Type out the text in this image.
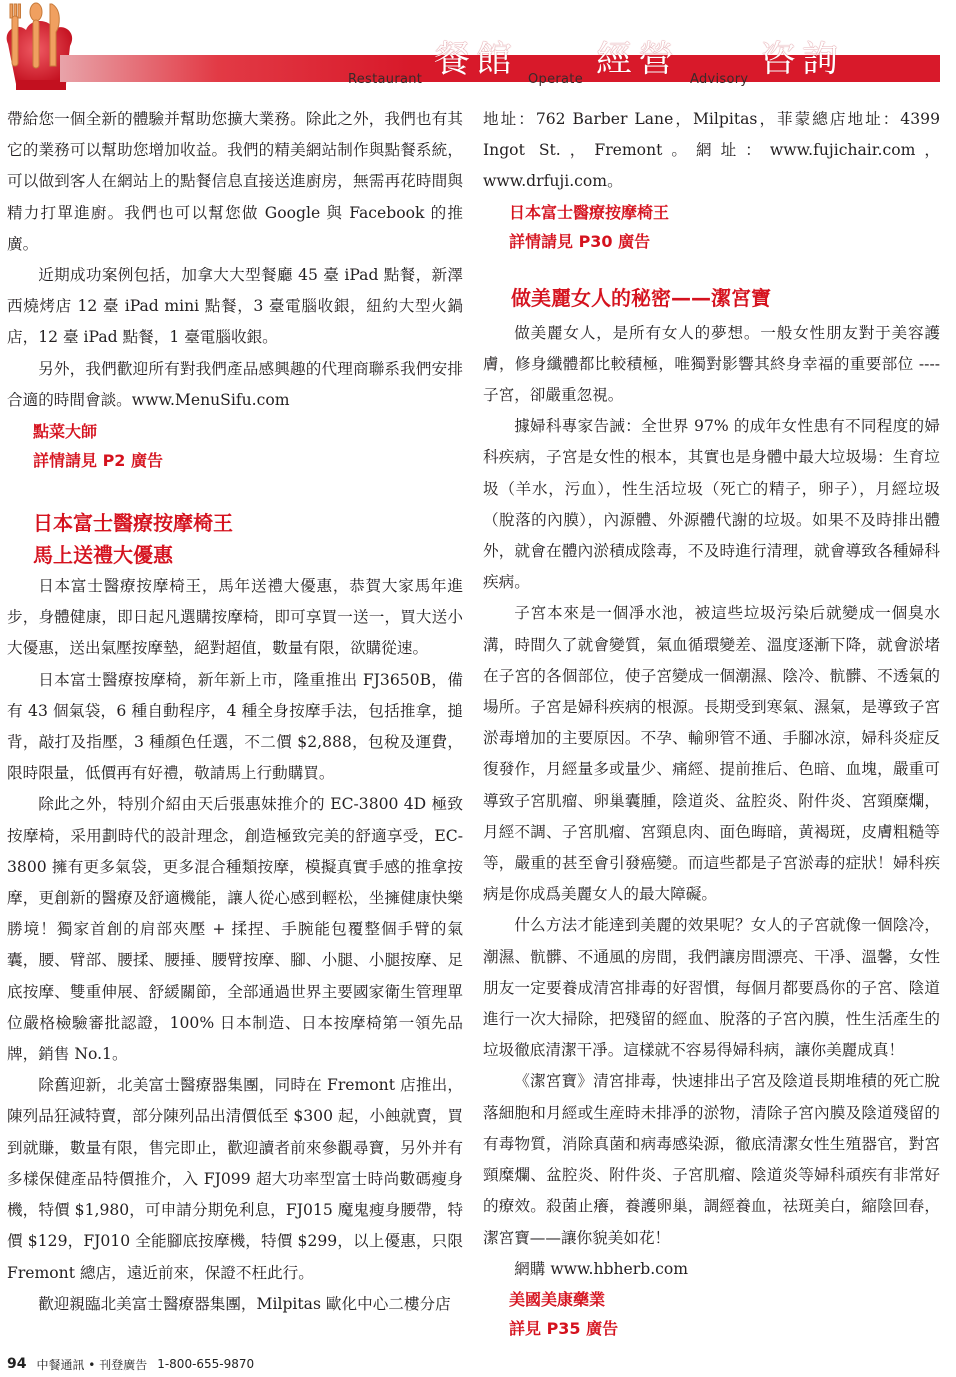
Restaurant	Operate	Advisory
餐館 經營 咨詢

帶給您一個全新的體驗并幫助您擴大業務。除此之外，我們也有其它的業務可以幫助您增加收益。我們的精美網站制作與點餐系統，可以做到客人在網站上的點餐信息直接送進廚房，無需再花時間與精力打單進廚。我們也可以幫您做 Google 與 Facebook 的推廣。

近期成功案例包括，加拿大大型餐廳 45 臺 iPad 點餐，新澤西燒烤店 12 臺 iPad mini 點餐，3 臺電腦收銀，紐約大型火鍋店，12 臺 iPad 點餐，1 臺電腦收銀。

另外，我們歡迎所有對我們產品感興趣的代理商聯系我們安排合適的時間會談。www.MenuSifu.com

點菜大師
詳情請見 P2 廣告
日本富士醫療按摩椅王
馬上送禮大優惠

日本富士醫療按摩椅王，馬年送禮大優惠，恭賀大家馬年進步，身體健康，即日起凡選購按摩椅，即可享買一送一，買大送小大優惠，送出氣壓按摩墊，絕對超值，數量有限，欲購從速。

日本富士醫療按摩椅，新年新上市，隆重推出 FJ3650B，備有 43 個氣袋，6 種自動程序，4 種全身按摩手法，包括推拿，搥背，敲打及指壓，3 種顏色任選，不二價 $2,888，包稅及運費，限時限量，低價再有好禮，敬請馬上行動購買。

除此之外，特別介紹由天后張惠妹推介的 EC-3800 4D 極致按摩椅，采用劃時代的設計理念，創造極致完美的舒適享受，EC-3800 擁有更多氣袋，更多混合種類按摩，模擬真實手感的推拿按摩，更創新的醫療及舒適機能，讓人從心感到輕松，坐擁健康快樂勝境！獨家首創的肩部夾壓 + 揉捏、手腕能包覆整個手臂的氣囊，腰、臂部、腰揉、腰捶、腰臂按摩、腳、小腿、小腿按摩、足底按摩、雙重伸展、舒緩關節，全部通過世界主要國家衛生管理單位嚴格檢驗審批認證，100% 日本制造、日本按摩椅第一領先品牌，銷售 No.1。

除舊迎新，北美富士醫療器集團，同時在 Fremont 店推出，陳列品狂減特賣，部分陳列品出清價低至 $300 起，小蝕就賣，買到就賺，數量有限，售完即止，歡迎讀者前來參觀尋寶，另外并有多樣保健產品特價推介，入 FJ099 超大功率型富士時尚數碼瘦身機，特價 $1,980，可申請分期免利息，FJ015 魔鬼瘦身腰帶，特價 $129，FJ010 全能腳底按摩機，特價 $299，以上優惠，只限 Fremont 總店，遠近前來，保證不枉此行。

歡迎親臨北美富士醫療器集團，Milpitas 歐化中心二樓分店

地址：762 Barber Lane，Milpitas，菲蒙總店地址：4399 Ingot St.，Fremont。網址：www.fujichair.com，www.drfuji.com。

日本富士醫療按摩椅王
詳情請見 P30 廣告
做美麗女人的秘密——潔宮寶

做美麗女人，是所有女人的夢想。一般女性朋友對于美容護膚，修身纖體都比較積極，唯獨對影響其終身幸福的重要部位 ---- 子宮，卻嚴重忽視。

據婦科專家告誡：全世界 97% 的成年女性患有不同程度的婦科疾病，子宮是女性的根本，其實也是身體中最大垃圾場：生育垃圾（羊水，污血），性生活垃圾（死亡的精子，卵子），月經垃圾（脫落的內膜），內源體、外源體代謝的垃圾。如果不及時排出體外，就會在體內淤積成陰毒，不及時進行清理，就會導致各種婦科疾病。

子宮本來是一個凈水池，被這些垃圾污染后就變成一個臭水溝，時間久了就會變質，氣血循環變差、溫度逐漸下降，就會淤堵在子宮的各個部位，使子宮變成一個潮濕、陰冷、骯髒、不透氣的場所。子宮是婦科疾病的根源。長期受到寒氣、濕氣，是導致子宮淤毒增加的主要原因。不孕、輸卵管不通、手腳冰涼，婦科炎症反復發作，月經量多或量少、痛經、提前推后、色暗、血塊，嚴重可導致子宮肌瘤、卵巢囊腫，陰道炎、盆腔炎、附件炎、宮頸糜爛，月經不調、子宮肌瘤、宮頸息肉、面色晦暗，黄褐斑，皮膚粗糙等等，嚴重的甚至會引發癌變。而這些都是子宮淤毒的症狀！婦科疾病是你成爲美麗女人的最大障礙。

什么方法才能達到美麗的效果呢？女人的子宮就像一個陰冷，潮濕、骯髒、不通風的房間，我們讓房間漂亮、干凈、溫馨，女性朋友一定要養成清宮排毒的好習慣，每個月都要爲你的子宮、陰道進行一次大掃除，把殘留的經血、脫落的子宮內膜，性生活產生的垃圾徹底清潔干凈。這樣就不容易得婦科病，讓你美麗成真！

《潔宮寶》清宮排毒，快速排出子宮及陰道長期堆積的死亡脫落細胞和月經或生産時未排凈的淤物，清除子宮內膜及陰道殘留的有毒物質，消除真菌和病毒感染源，徹底清潔女性生殖器官，對宮頸糜爛、盆腔炎、附件炎、子宮肌瘤、陰道炎等婦科頑疾有非常好的療效。殺菌止癢，養護卵巢，調經養血，祛斑美白，縮陰回春，潔宮寶——讓你貌美如花！

網購 www.hbherb.com

美國美康藥業
詳見 P35 廣告
94 中餐通訊 • 刊登廣告 1-800-655-9870
